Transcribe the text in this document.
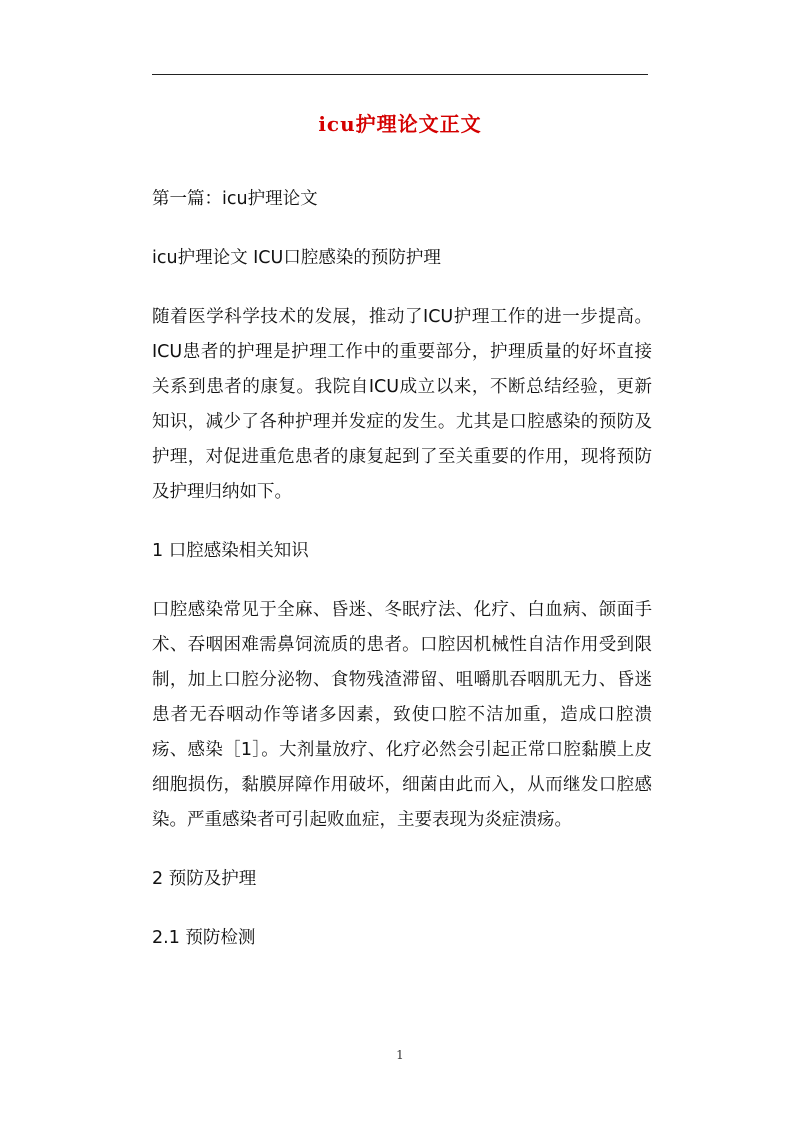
icu护理论文正文

第一篇：icu护理论文

icu护理论文 ICU口腔感染的预防护理

随着医学科学技术的发展，推动了ICU护理工作的进一步提高。ICU患者的护理是护理工作中的重要部分，护理质量的好坏直接关系到患者的康复。我院自ICU成立以来，不断总结经验，更新知识，减少了各种护理并发症的发生。尤其是口腔感染的预防及护理，对促进重危患者的康复起到了至关重要的作用，现将预防及护理归纳如下。

1 口腔感染相关知识

口腔感染常见于全麻、昏迷、冬眠疗法、化疗、白血病、颌面手术、吞咽困难需鼻饲流质的患者。口腔因机械性自洁作用受到限制，加上口腔分泌物、食物残渣滞留、咀嚼肌吞咽肌无力、昏迷患者无吞咽动作等诸多因素，致使口腔不洁加重，造成口腔溃疡、感染［1］。大剂量放疗、化疗必然会引起正常口腔黏膜上皮细胞损伤，黏膜屏障作用破坏，细菌由此而入，从而继发口腔感染。严重感染者可引起败血症，主要表现为炎症溃疡。

2 预防及护理

2.1 预防检测

1
